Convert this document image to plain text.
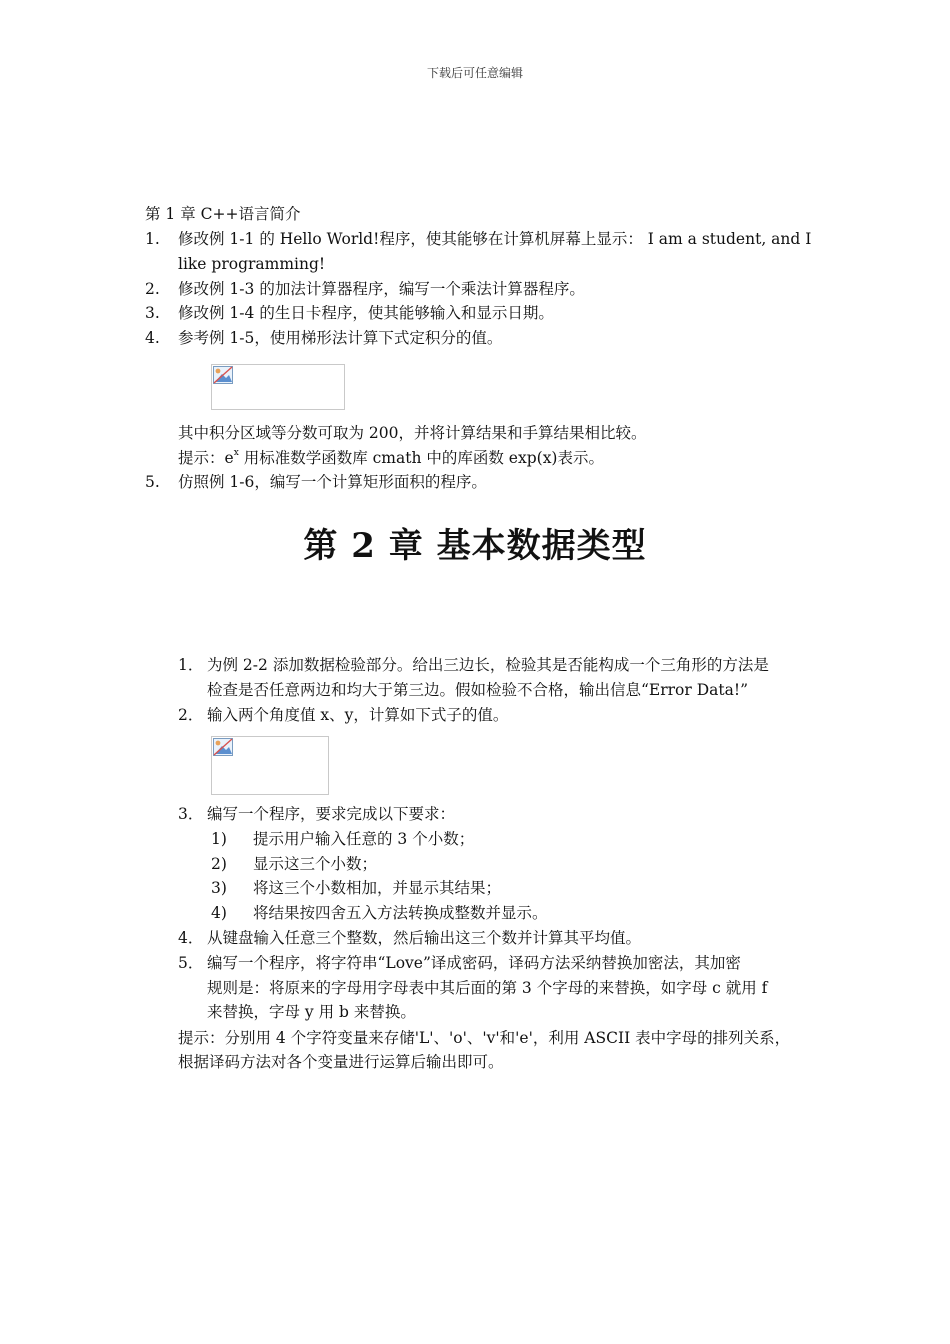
下载后可任意编辑
第 1 章 C++语言简介
1. 修改例 1-1 的 Hello World!程序，使其能够在计算机屏幕上显示： I am a student, and I
like programming!
2. 修改例 1-3 的加法计算器程序，编写一个乘法计算器程序。
3. 修改例 1-4 的生日卡程序，使其能够输入和显示日期。
4. 参考例 1-5，使用梯形法计算下式定积分的值。
其中积分区域等分数可取为 200，并将计算结果和手算结果相比较。
提示：$e^x$ 用标准数学函数库 cmath 中的库函数 exp(x)表示。
5. 仿照例 1-6，编写一个计算矩形面积的程序。
第 2 章 基本数据类型
1． 为例 2-2 添加数据检验部分。给出三边长，检验其是否能构成一个三角形的方法是
检查是否任意两边和均大于第三边。假如检验不合格，输出信息“Error Data!”
2． 输入两个角度值 x、y，计算如下式子的值。
3． 编写一个程序，要求完成以下要求：
1) 提示用户输入任意的 3 个小数；
2) 显示这三个小数；
3) 将这三个小数相加，并显示其结果；
4) 将结果按四舍五入方法转换成整数并显示。
4． 从键盘输入任意三个整数，然后输出这三个数并计算其平均值。
5． 编写一个程序，将字符串“Love”译成密码，译码方法采纳替换加密法，其加密
规则是：将原来的字母用字母表中其后面的第 3 个字母的来替换，如字母 c 就用 f
来替换，字母 y 用 b 来替换。
提示：分别用 4 个字符变量来存储'L'、'o'、'v'和'e'，利用 ASCII 表中字母的排列关系，
根据译码方法对各个变量进行运算后输出即可。
